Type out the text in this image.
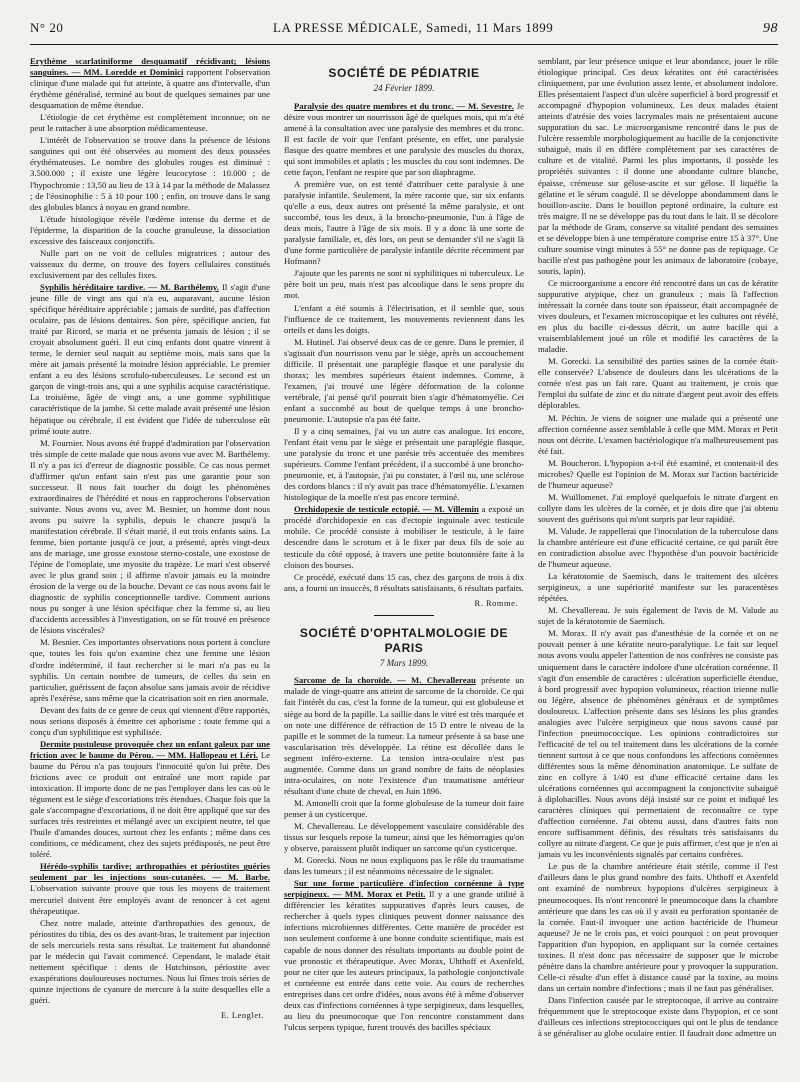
N° 20	LA PRESSE MÉDICALE, Samedi, 11 Mars 1899	98

Erythème scarlatiniforme desquamatif récidivant; lésions sanguines. — MM. Loredde et Dominici rapportent l'observation clinique d'une malade qui fut atteinte, à quatre ans d'intervalle, d'un érythème généralisé, terminé au bout de quelques semaines par une desquamation de même étendue.

L'étiologie de cet érythème est complètement inconnue; on ne peut le rattacher à une absorption médicamenteuse.

L'intérêt de l'observation se trouve dans la présence de lésions sanguines qui ont été observées au moment des deux poussées érythémateuses. Le nombre des globules rouges est diminué : 3.500.000 ; il existe une légère leucocytose : 10.000 ; de l'hypochromie : 13,50 au lieu de 13 à 14 par la méthode de Malassez ; de l'éosinophilie : 5 à 10 pour 100 ; enfin, on trouve dans le sang des globules blancs à noyau en grand nombre.

L'étude histologique révèle l'œdème intense du derme et de l'épiderme, la disparition de la couche granuleuse, la dissociation excessive des faisceaux conjonctifs.

Nulle part on ne voit de cellules migratrices ; autour des vaisseaux du derme, on trouve des foyers cellulaires constitués exclusivement par des cellules fixes.

Syphilis héréditaire tardive. — M. Barthélemy. Il s'agit d'une jeune fille de vingt ans qui n'a eu, auparavant, aucune lésion spécifique héréditaire appréciable ; jamais de surdité, pas d'affection oculaire, pas de lésions dentaires. Son père, spécifique ancien, fut traité par Ricord, se maria et ne présenta jamais de lésion ; il se croyait absolument guéri. Il eut cinq enfants dont quatre vinrent à terme, le dernier seul naquit au septième mois, mais sans que la mère ait jamais présenté la moindre lésion appréciable. Le premier enfant a eu des lésions scrofulo-tuberculeuses. Le second est un garçon de vingt-trois ans, qui a une syphilis acquise caractéristique. La troisième, âgée de vingt ans, a une gomme syphilitique caractéristique de la jambe. Si cette malade avait présenté une lésion hépatique ou cérébrale, il est évident que l'idée de tuberculose eût primé toute autre.

M. Fournier. Nous avons été frappé d'admiration par l'observation très simple de cette malade que nous avons vue avec M. Barthélemy. Il n'y a pas ici d'erreur de diagnostic possible. Ce cas nous permet d'affirmer qu'un enfant sain n'est pas une garantie pour son successeur. Il nous fait toucher du doigt les phénomènes extraordinaires de l'hérédité et nous en rapprocherons l'observation suivante. Nous avons vu, avec M. Besnier, un homme dont nous avons pu suivre la syphilis, depuis le chancre jusqu'à la manifestation cérébrale. Il s'était marié, il eut trois enfants sains. La femme, bien portante jusqu'à ce jour, a présenté, après vingt-deux ans de mariage, une grosse exostose sterno-costale, une exostose de l'épine de l'omoplate, une myosite du trapèze. Le mari s'est observé avec le plus grand soin ; il affirme n'avoir jamais eu la moindre érosion de la verge ou de la bouche. Devant ce cas nous avons fait le diagnostic de syphilis conceptionnelle tardive. Comment aurions nous pu songer à une lésion spécifique chez la femme si, au lieu d'accidents accessibles à l'investigation, on se fût trouvé en présence de lésions viscérales?

M. Besnier. Ces importantes observations nous portent à conclure que, toutes les fois qu'on examine chez une femme une lésion d'ordre indéterminé, il faut rechercher si le mari n'a pas eu la syphilis. Un certain nombre de tumeurs, de celles du sein en particulier, guérissent de façon absolue sans jamais avoir de récidive après l'exérèse, sans même que la cicatrisation soit en rien anormale.

Devant des faits de ce genre de ceux qui viennent d'être rapportés, nous serions disposés à émettre cet aphorisme : toute femme qui a conçu d'un syphilitique est syphilisée.

Dermite pustuleuse provoquée chez un enfant galeux par une friction avec le baume du Pérou. — MM. Hallopeau et Léri. Le baume du Pérou n'a pas toujours l'innocuité qu'on lui prête. Des frictions avec ce produit ont entraîné une mort rapide par intoxication. Il importe donc de ne pas l'employer dans les cas où le tégument est le siège d'excoriations très étendues. Chaque fois que la gale s'accompagne d'excoriations, il ne doit être appliqué que sur des surfaces très restreintes et mélangé avec un excipient neutre, tel que l'huile d'amandes douces, surtout chez les enfants ; même dans ces conditions, ce médicament, chez des sujets prédisposés, ne peut être toléré.

Hérédo-syphilis tardive; arthropathies et périostites guéries seulement par les injections sous-cutanées. — M. Barbe. L'observation suivante prouve que tous les moyens de traitement mercuriel doivent être employés avant de renoncer à cet agent thérapeutique.

Chez notre malade, atteinte d'arthropathies des genoux, de périostites du tibia, des os des avant-bras, le traitement par injection de sels mercuriels resta sans résultat. Le traitement fut abandonné par le médecin qui l'avait commencé. Cependant, le malade était nettement spécifique : dents de Hutchinson, périostite avec exaspérations douloureuses nocturnes. Nous lui fîmes trois séries de quinze injections de cyanure de mercure à la suite desquelles elle a guéri.

E. Lenglet.
SOCIÉTÉ DE PÉDIATRIE
24 Février 1899.

Paralysie des quatre membres et du tronc. — M. Sevestre. Je désire vous montrer un nourrisson âgé de quelques mois, qui m'a été amené à la consultation avec une paralysie des membres et du tronc. Il est facile de voir que l'enfant présente, en effet, une paralysie flasque des quatre membres et une paralysie des muscles du thorax, qui sont immobiles et aplatis ; les muscles du cou sont indemnes. De cette façon, l'enfant ne respire que par son diaphragme.

A première vue, on est tenté d'attribuer cette paralysie à une paralysie infantile. Seulement, la mère raconte que, sur six enfants qu'elle a eus, deux autres ont présenté la même paralysie, et ont succombé, tous les deux, à la broncho-pneumonie, l'un à l'âge de deux mois, l'autre à l'âge de six mois. Il y a donc là une sorte de paralysie familiale, et, dès lors, on peut se demander s'il ne s'agit là d'une forme particulière de paralysie infantile décrite récemment par Hofmann?

J'ajoute que les parents ne sont ni syphilitiques ni tuberculeux. Le père boit un peu, mais n'est pas alcoolique dans le sens propre du mot.

L'enfant a été soumis à l'électrisation, et il semble que, sous l'influence de ce traitement, les mouvements reviennent dans les orteils et dans les doigts.

M. Hutinel. J'ai observé deux cas de ce genre. Dans le premier, il s'agissait d'un nourrisson venu par le siège, après un accouchement difficile. Il présentait une paraplégie flasque et une paralysie du thorax; les membres supérieurs étaient indemnes. Comme, à l'examen, j'ai trouvé une légère déformation de la colonne vertébrale, j'ai pensé qu'il pourrait bien s'agir d'hématomyélie. Cet enfant a succombé au bout de quelque temps à une broncho-pneumonie. L'autopsie n'a pas été faite.

Il y a cinq semaines, j'ai vu un autre cas analogue. Ici encore, l'enfant était venu par le siège et présentait une paraplégie flasque, une paralysie du tronc et une parésie très accentuée des membres supérieurs. Comme l'enfant précédent, il a succombé à une broncho-pneumonie, et, à l'autopsie, j'ai pu constater, à l'œil nu, une sclérose des cordons blancs : il n'y avait pas trace d'hématomyélie. L'examen histologique de la moelle n'est pas encore terminé.

Orchidopexie de testicule ectopié. — M. Villemin a exposé un procédé d'orchidopexie en cas d'ectopie inguinale avec testicule mobile. Ce procédé consiste à mobiliser le testicule, à le faire descendre dans le scrotum et à le fixer par deux fils de soie au testicule du côté opposé, à travers une petite boutonnière faite à la cloison des bourses.

Ce procédé, exécuté dans 15 cas, chez des garçons de trois à dix ans, a fourni un insuccès, 8 résultats satisfaisants, 6 résultats parfaits.

R. Romme.
SOCIÉTÉ D'OPHTALMOLOGIE DE PARIS
7 Mars 1899.

Sarcome de la choroïde. — M. Chevallereau présente un malade de vingt-quatre ans atteint de sarcome de la choroïde. Ce qui fait l'intérêt du cas, c'est la forme de la tumeur, qui est globuleuse et siège au bord de la papille. La saillie dans le vitré est très marquée et on note une différence de réfraction de 15 D entre le niveau de la papille et le sommet de la tumeur. La tumeur présente à sa base une vascularisation très développée. La rétine est décollée dans le segment inféro-externe. La tension intra-oculaire n'est pas augmentée. Comme dans un grand nombre de faits de néoplasies intra-oculaires, on note l'existence d'un traumatisme antérieur résultant d'une chute de cheval, en Juin 1896.

M. Antonelli croit que la forme globuleuse de la tumeur doit faire penser à un cysticerque.

M. Chevallereau. Le développement vasculaire considérable des tissus sur lesquels repose la tumeur, ainsi que les hémorragies qu'on y observe, paraissent plutôt indiquer un sarcome qu'un cysticerque.

M. Gorecki. Nous ne nous expliquons pas le rôle du traumatisme dans les tumeurs ; il est néanmoins nécessaire de le signaler.

Sur une forme particulière d'infection cornéenne à type serpigineux. — MM. Morax et Petit. Il y a une grande utilité à différencier les kératites suppuratives d'après leurs causes, de rechercher à quels types cliniques peuvent donner naissance des infections microbiennes différentes. Cette manière de procéder est non seulement conforme à une bonne conduite scientifique, mais est capable de nous donner des résultats importants au double point de vue pronostic et thérapeutique. Avec Morax, Uhthoff et Axenfeld, pour ne citer que les auteurs principaux, la pathologie conjonctivale et cornéenne est entrée dans cette voie. Au cours de recherches entreprises dans cet ordre d'idées, nous avons été à même d'observer deux cas d'infections cornéennes à type serpigineux, dans lesquelles, au lieu du pneumocoque que l'on rencontre constamment dans l'ulcus serpens typique, furent trouvés des bacilles spéciaux

semblant, par leur présence unique et leur abondance, jouer le rôle étiologique principal. Ces deux kératites ont été caractérisées cliniquement, par une évolution assez lente, et absolument indolore. Elles présentaient l'aspect d'un ulcère superficiel à bord progressif et accompagné d'hypopion volumineux. Les deux malades étaient atteints d'atrésie des voies lacrymales mais ne présentaient aucune suppuration du sac. Le microorganisme rencontré dans le pus de l'ulcère ressemble morphologiquement au bacille de la conjonctivite subaiguë, mais il en diffère complètement par ses caractères de culture et de vitalité. Parmi les plus importants, il possède les propriétés suivantes : il donne une abondante culture blanche, épaisse, crémeuse sur gélose-ascite et sur gélose. Il liquéfie la gélatine et le sérum coagulé. Il se développe abondamment dans le bouillon-ascite. Dans le bouillon peptoné ordinaire, la culture est très maigre. Il ne se développe pas du tout dans le lait. Il se décolore par la méthode de Gram, conserve sa vitalité pendant des semaines et se développe bien à une température comprise entre 15 à 37°. Une culture soumise vingt minutes à 55° ne donne pas de repiquage. Ce bacille n'est pas pathogène pour les animaux de laboratoire (cobaye, souris, lapin).

Ce microorganisme a encore été rencontré dans un cas de kératite suppurative atypique, chez un granuleux ; mais là l'affection intéressait la cornée dans toute son épaisseur, était accompagnée de vives douleurs, et l'examen microscopique et les cultures ont révélé, en plus du bacille ci-dessus décrit, un autre bacille qui a vraisemblablement joué un rôle et modifié les caractères de la maladie.

M. Gorecki. La sensibilité des parties saines de la cornée était-elle conservée? L'absence de douleurs dans les ulcérations de la cornée n'est pas un fait rare. Quant au traitement, je crois que l'emploi du sulfate de zinc et du nitrate d'argent peut avoir des effets déplorables.

M. Péchin. Je viens de soigner une malade qui a présenté une affection cornéenne assez semblable à celle que MM. Morax et Petit nous ont décrite. L'examen bactériologique n'a malheureusement pas été fait.

M. Boucheron. L'hypopion a-t-il été examiné, et contenait-il des microbes? Quelle est l'opinion de M. Morax sur l'action bactéricide de l'humeur aqueuse?

M. Wuillomenet. J'ai employé quelquefois le nitrate d'argent en collyre dans les ulcères de la cornée, et je dois dire que j'ai obtenu souvent des guérisons qui m'ont surpris par leur rapidité.

M. Valude. Je rappellerai que l'inoculation de la tuberculose dans la chambre antérieure est d'une efficacité certaine, ce qui paraît être en contradiction absolue avec l'hypothèse d'un pouvoir bactéricide de l'humeur aqueuse.

La kératotomie de Saemisch, dans le traitement des ulcères serpigineux, a une supériorité manifeste sur les paracentèses répétées.

M. Chevallereau. Je suis également de l'avis de M. Valude au sujet de la kératotomie de Saemisch.

M. Morax. Il n'y avait pas d'anesthésie de la cornée et on ne pouvait penser à une kératite neuro-paralytique. Le fait sur lequel nous avons voulu appeler l'attention de nos confrères ne consiste pas uniquement dans le caractère indolore d'une ulcération cornéenne. Il s'agit d'un ensemble de caractères : ulcération superficielle étendue, à bord progressif avec hypopion volumineux, réaction irienne nulle ou légère, absence de phénomènes généraux et de symptômes douloureux. L'affection présente dans ses lésions les plus grandes analogies avec l'ulcère serpigineux que nous savons causé par l'infection pneumococcique. Les opinions contradictoires sur l'efficacité de tel ou tel traitement dans les ulcérations de la cornée tiennent surtout à ce que nous confondons les affections cornéennes différentes sous la même dénomination anatomique. Le sulfate de zinc en collyre à 1/40 est d'une efficacité certaine dans les ulcérations cornéennes qui accompagnent la conjonctivite subaiguë à diplobacilles. Nous avons déjà insisté sur ce point et indiqué les caractères cliniques qui permettaient de reconnaître ce type d'affection cornéenne. J'ai obtenu aussi, dans d'autres faits non encore suffisamment définis, des résultats très satisfaisants du collyre au nitrate d'argent. Ce que je puis affirmer, c'est que je n'en ai jamais vu les inconvénients signalés par certains confrères.

Le pus de la chambre antérieure était stérile, comme il l'est d'ailleurs dans le plus grand nombre des faits. Uhthoff et Axenfeld ont examiné de nombreux hypopions d'ulcères serpigineux à pneumocoques. Ils n'ont rencontré le pneumocoque dans la chambre antérieure que dans les cas où il y avait eu perforation spontanée de la cornée. Faut-il invoquer une action bactéricide de l'humeur aqueuse? Je ne le crois pas, et voici pourquoi : on peut provoquer l'apparition d'un hypopion, en appliquant sur la cornée certaines toxines. Il n'est donc pas nécessaire de supposer que le microbe pénètre dans la chambre antérieure pour y provoquer la suppuration. Celle-ci résulte d'un effet à distance causé par la toxine, au moins dans un certain nombre d'infections ; mais il ne faut pas généraliser.

Dans l'infection causée par le streptocoque, il arrive au contraire fréquemment que le streptocoque existe dans l'hypopion, et ce sont d'ailleurs ces infections streptococciques qui ont le plus de tendance à se généraliser au globe oculaire entier. Il faudrait donc admettre un
